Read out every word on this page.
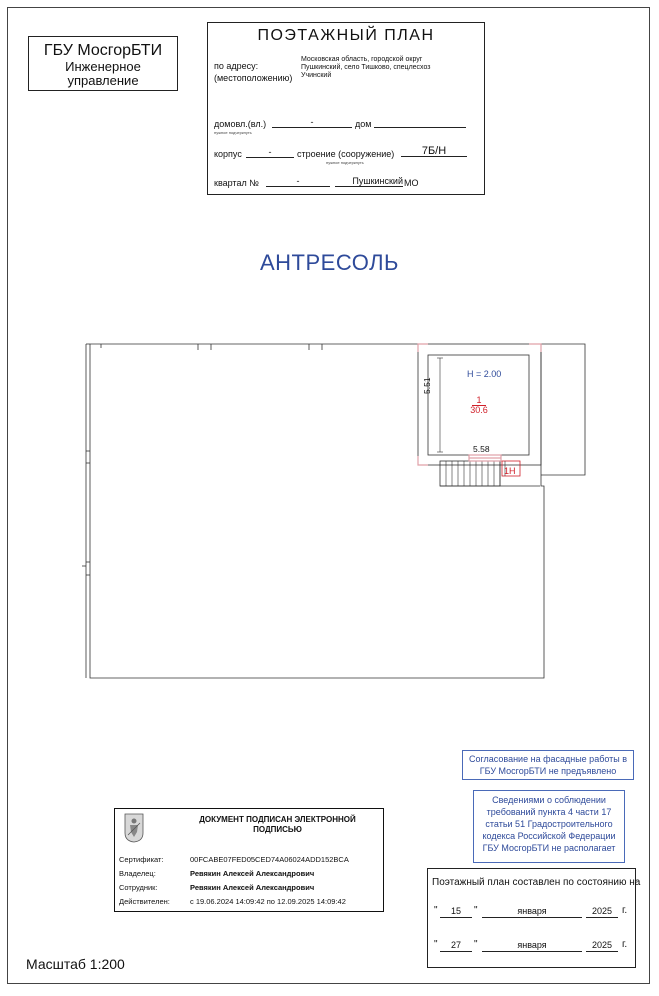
ГБУ МосгорБТИ
Инженерное
управление
ПОЭТАЖНЫЙ ПЛАН
по адресу:
(местоположению)
Московская область, городской округ
Пушкинский, село Тишково, спецлесхоз
Учинский
домовл.(вл.)	-	дом
нужное подчеркнуть
корпус	-	строение (сооружение)	7Б/Н
нужное подчеркнуть
квартал №	-	Пушкинский МО
АНТРЕСОЛЬ
H = 2.00
1
30.6
5.51
5.58
1Н
Согласование на фасадные работы в ГБУ МосгорБТИ не предъявлено
Сведениями о соблюдении требований пункта 4 части 17 статьи 51 Градостроительного кодекса Российской Федерации ГБУ МосгорБТИ не располагает
ДОКУМЕНТ ПОДПИСАН ЭЛЕКТРОННОЙ ПОДПИСЬЮ
Сертификат:	00FCABE07FED05CED74A06024ADD152BCA
Владелец:	Ревякин Алексей Александрович
Сотрудник:	Ревякин Алексей Александрович
Действителен:	с 19.06.2024 14:09:42 по 12.09.2025 14:09:42
Поэтажный план составлен по состоянию на
"	15	"	января	2025 г.
"	27	"	января	2025 г.
Масштаб 1:200
